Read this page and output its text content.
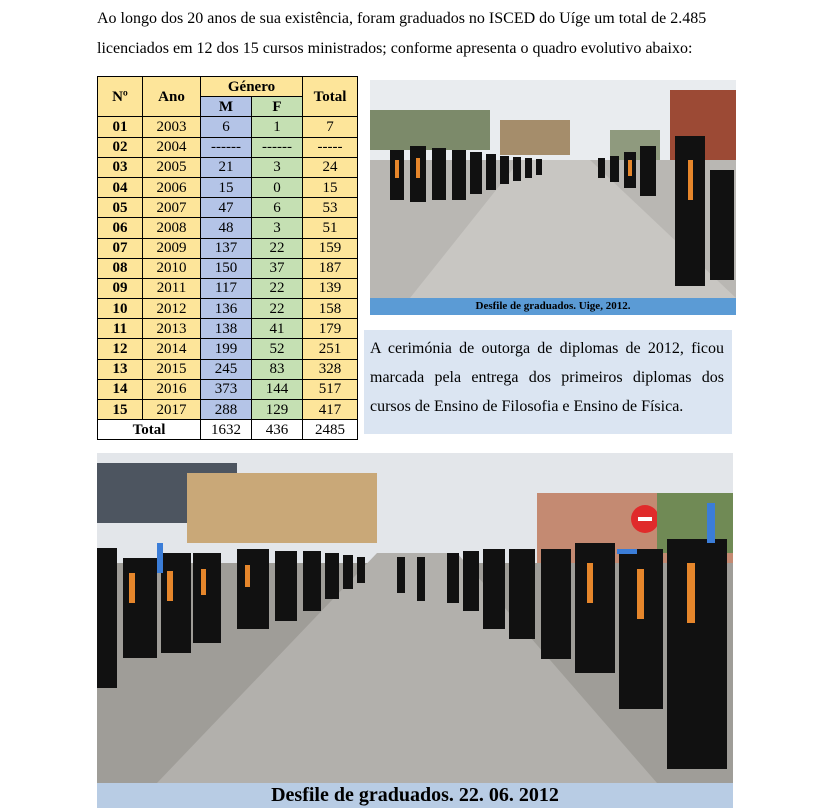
Ao longo dos 20 anos de sua existência, foram graduados no ISCED do Uíge um total de 2.485
licenciados em 12 dos 15 cursos ministrados; conforme apresenta o quadro evolutivo abaixo:
Nº	Ano	Género		Total
		M	F	
01	2003	6	1	7
02	2004	------	------	-----
03	2005	21	3	24
04	2006	15	0	15
05	2007	47	6	53
06	2008	48	3	51
07	2009	137	22	159
08	2010	150	37	187
09	2011	117	22	139
10	2012	136	22	158
11	2013	138	41	179
12	2014	199	52	251
13	2015	245	83	328
14	2016	373	144	517
15	2017	288	129	417
Total		1632	436	2485
Desfile de graduados. Uige, 2012.

A cerimónia de outorga de diplomas de 2012, ficou marcada pela entrega dos primeiros diplomas dos cursos de Ensino de Filosofia e Ensino de Física.

Desfile de graduados. 22. 06. 2012
